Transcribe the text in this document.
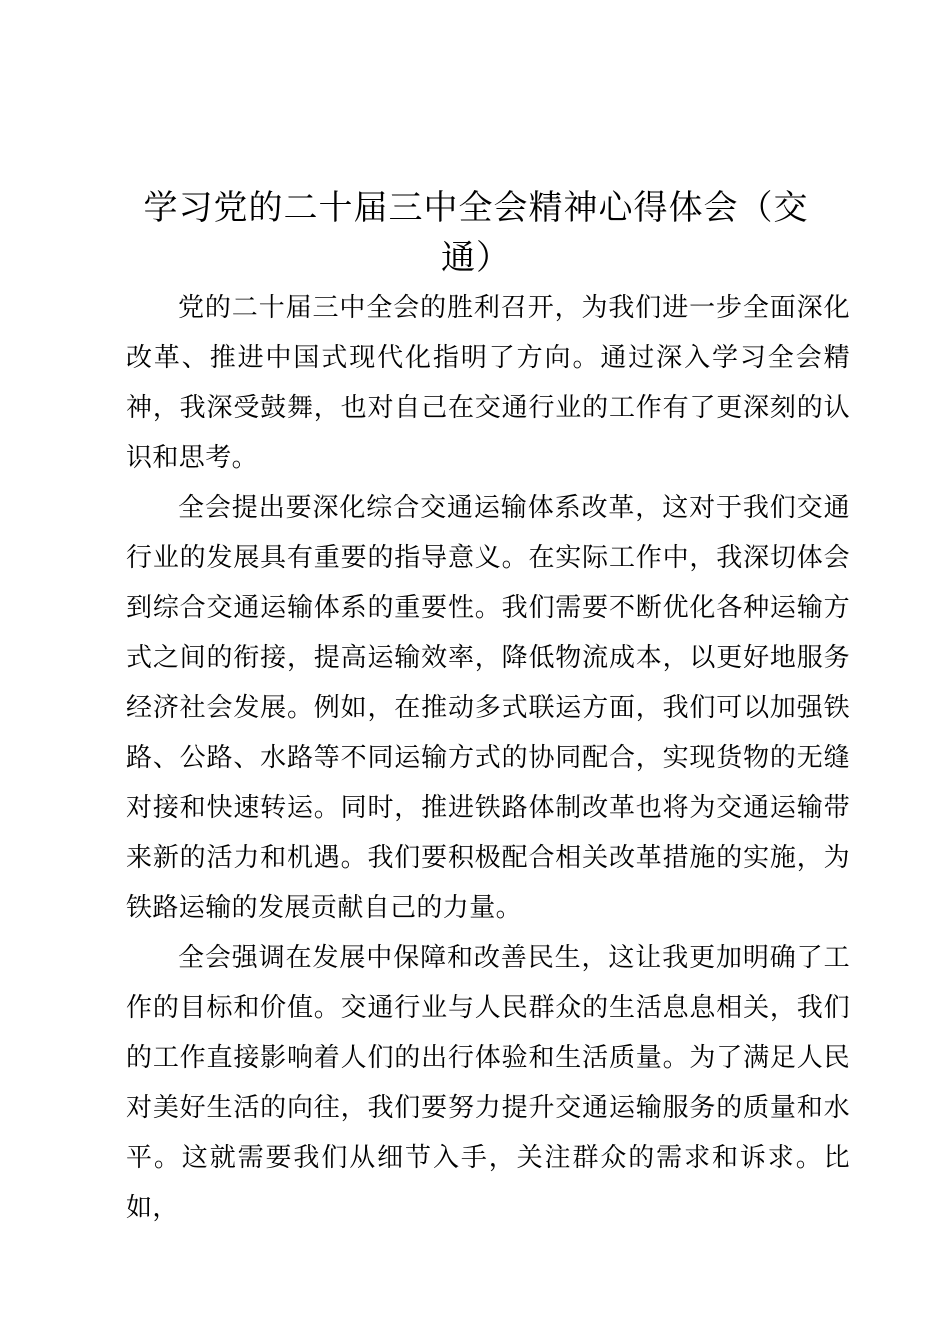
学习党的二十届三中全会精神心得体会（交通）

党的二十届三中全会的胜利召开，为我们进一步全面深化改革、推进中国式现代化指明了方向。通过深入学习全会精神，我深受鼓舞，也对自己在交通行业的工作有了更深刻的认识和思考。

全会提出要深化综合交通运输体系改革，这对于我们交通行业的发展具有重要的指导意义。在实际工作中，我深切体会到综合交通运输体系的重要性。我们需要不断优化各种运输方式之间的衔接，提高运输效率，降低物流成本，以更好地服务经济社会发展。例如，在推动多式联运方面，我们可以加强铁路、公路、水路等不同运输方式的协同配合，实现货物的无缝对接和快速转运。同时，推进铁路体制改革也将为交通运输带来新的活力和机遇。我们要积极配合相关改革措施的实施，为铁路运输的发展贡献自己的力量。

全会强调在发展中保障和改善民生，这让我更加明确了工作的目标和价值。交通行业与人民群众的生活息息相关，我们的工作直接影响着人们的出行体验和生活质量。为了满足人民对美好生活的向往，我们要努力提升交通运输服务的质量和水平。这就需要我们从细节入手，关注群众的需求和诉求。比如，
